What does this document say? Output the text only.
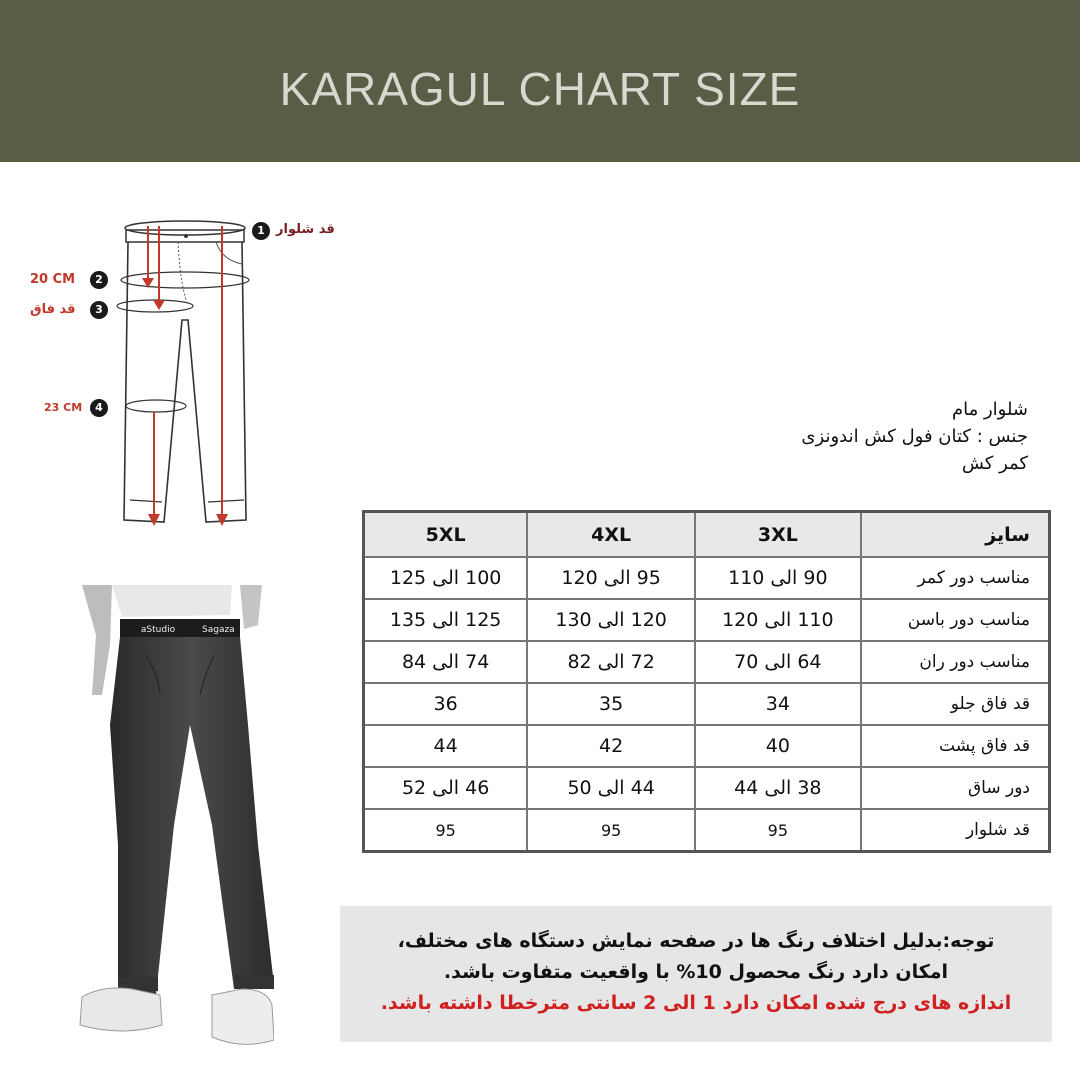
KARAGUL CHART SIZE
1 قد شلوار
20 CM	2
قد فاق	3
23 CM	4
aStudio	Sagaza
شلوار مام
جنس : کتان فول کش اندونزی
کمر کش
5XL	4XL	3XL	سایز
100 الی 125	95 الی 120	90 الی 110	مناسب دور کمر
125 الی 135	120 الی 130	110 الی 120	مناسب دور باسن
74 الی 84	72 الی 82	64 الی 70	مناسب دور ران
36	35	34	قد فاق جلو
44	42	40	قد فاق پشت
46 الی 52	44 الی 50	38 الی 44	دور ساق
95	95	95	قد شلوار
توجه:بدلیل اختلاف رنگ ها در صفحه نمایش دستگاه های مختلف،
امکان دارد رنگ محصول 10% با واقعیت متفاوت باشد.
اندازه های درج شده امکان دارد 1 الی 2 سانتی مترخطا داشته باشد.
